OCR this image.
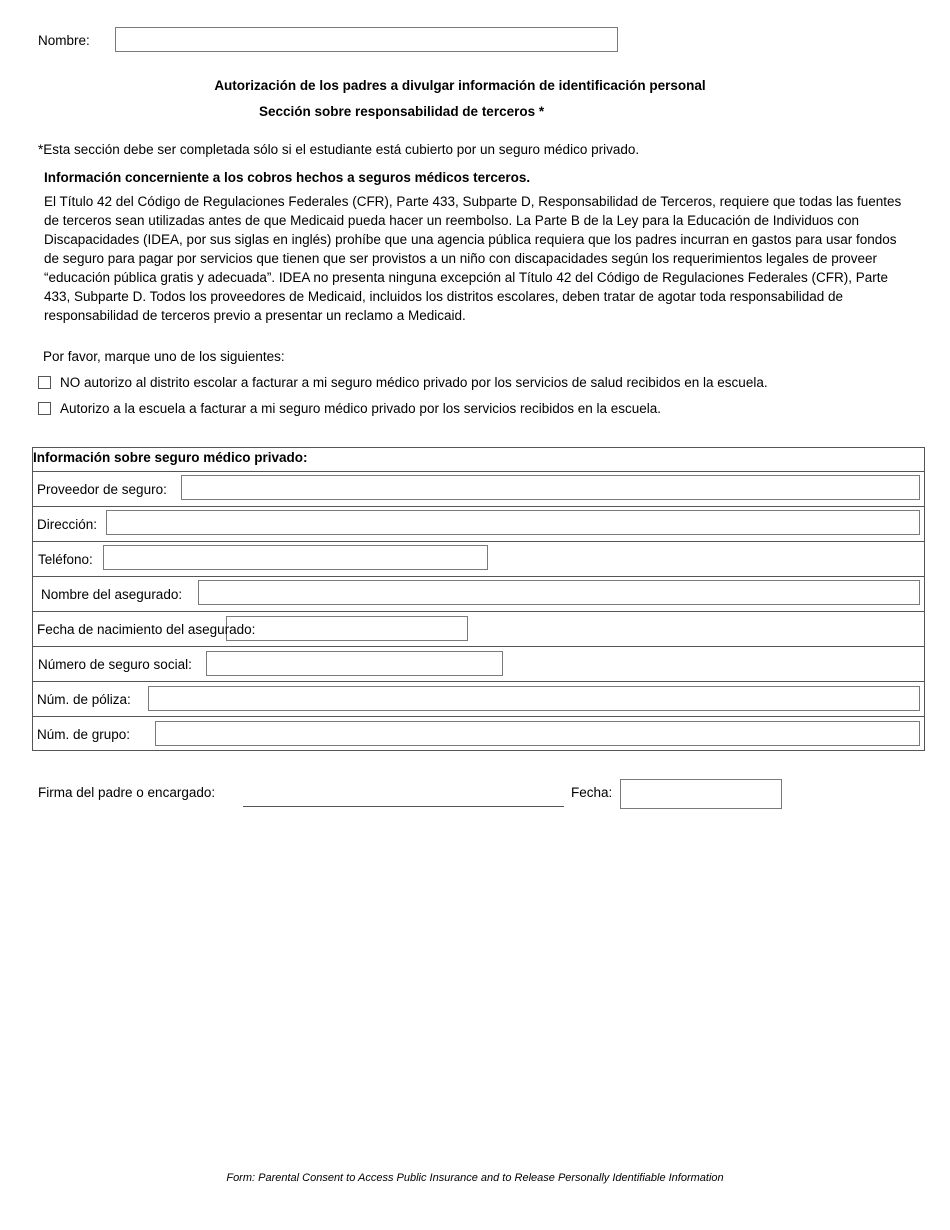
Nombre:
Autorización de los padres a divulgar información de identificación personal
Sección sobre responsabilidad de terceros *
*Esta sección debe ser completada sólo si el estudiante está cubierto por un seguro médico privado.
Información concerniente a los cobros hechos a seguros médicos terceros.
El Título 42 del Código de Regulaciones Federales (CFR), Parte 433, Subparte D, Responsabilidad de Terceros, requiere que todas las fuentes de terceros sean utilizadas antes de que Medicaid pueda hacer un reembolso. La Parte B de la Ley para la Educación de Individuos con Discapacidades (IDEA, por sus siglas en inglés) prohíbe que una agencia pública requiera que los padres incurran en gastos para usar fondos de seguro para pagar por servicios que tienen que ser provistos a un niño con discapacidades según los requerimientos legales de proveer “educación pública gratis y adecuada”. IDEA no presenta ninguna excepción al Título 42 del Código de Regulaciones Federales (CFR), Parte 433, Subparte D. Todos los proveedores de Medicaid, incluidos los distritos escolares, deben tratar de agotar toda responsabilidad de responsabilidad de terceros previo a presentar un reclamo a Medicaid.
Por favor, marque uno de los siguientes:
NO autorizo al distrito escolar a facturar a mi seguro médico privado por los servicios de salud recibidos en la escuela.
Autorizo a la escuela a facturar a mi seguro médico privado por los servicios recibidos en la escuela.
Información sobre seguro médico privado:
Proveedor de seguro:
Dirección:
Teléfono:
Nombre del asegurado:
Fecha de nacimiento del asegurado:
Número de seguro social:
Núm. de póliza:
Núm. de grupo:
Firma del padre o encargado:	Fecha:
Form: Parental Consent to Access Public Insurance and to Release Personally Identifiable Information
